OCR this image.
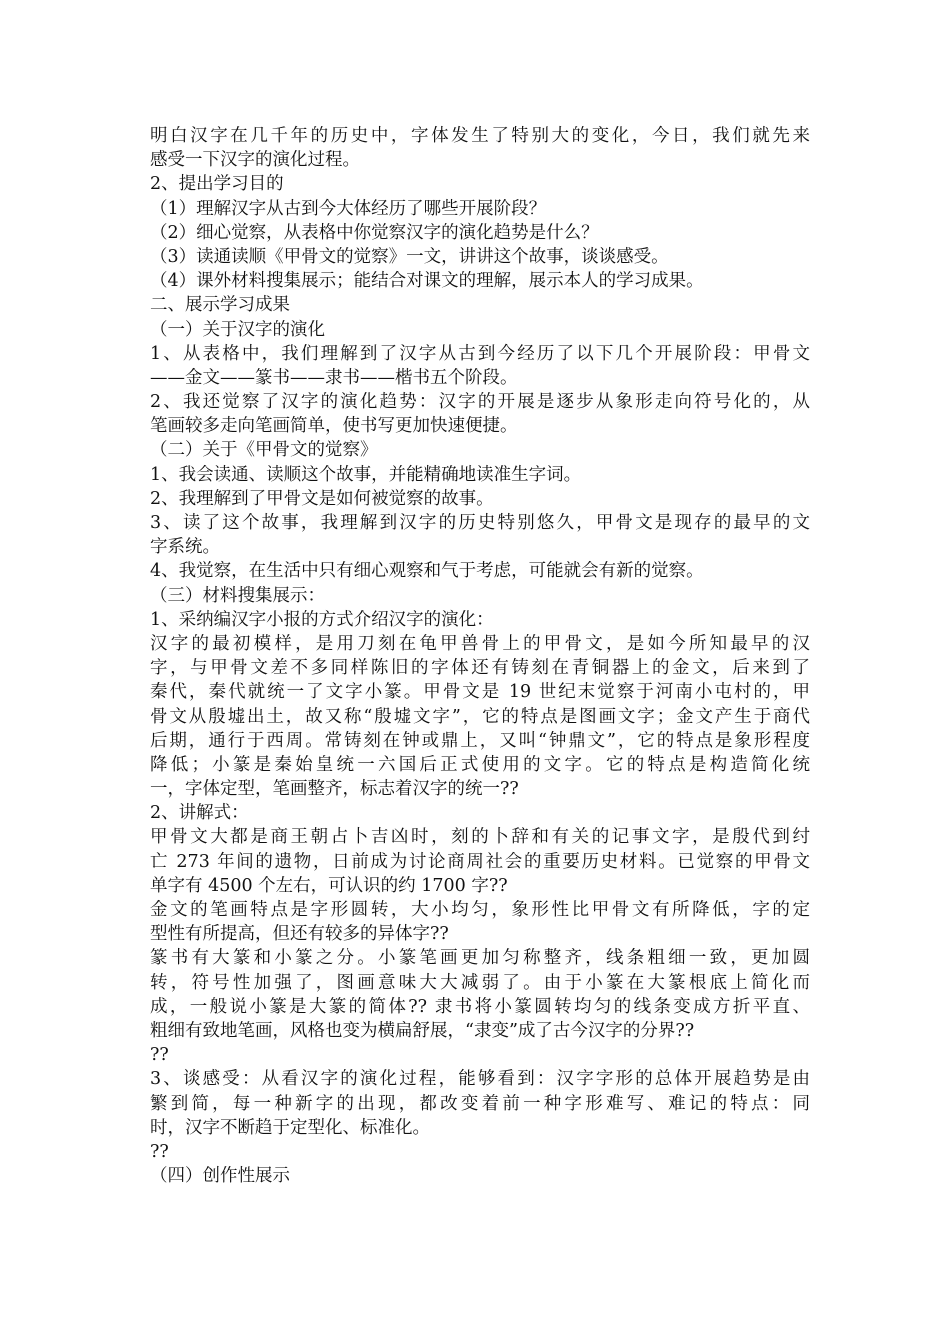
明白汉字在几千年的历史中，字体发生了特别大的变化，今日，我们就先来
感受一下汉字的演化过程。
2、提出学习目的
（1）理解汉字从古到今大体经历了哪些开展阶段？
（2）细心觉察，从表格中你觉察汉字的演化趋势是什么？
（3）读通读顺《甲骨文的觉察》一文，讲讲这个故事，谈谈感受。
（4）课外材料搜集展示；能结合对课文的理解，展示本人的学习成果。
二、展示学习成果
（一）关于汉字的演化
1、从表格中，我们理解到了汉字从古到今经历了以下几个开展阶段：甲骨文
——金文——篆书——隶书——楷书五个阶段。
2、我还觉察了汉字的演化趋势：汉字的开展是逐步从象形走向符号化的，从
笔画较多走向笔画简单，使书写更加快速便捷。
（二）关于《甲骨文的觉察》
1、我会读通、读顺这个故事，并能精确地读准生字词。
2、我理解到了甲骨文是如何被觉察的故事。
3、读了这个故事，我理解到汉字的历史特别悠久，甲骨文是现存的最早的文
字系统。
4、我觉察，在生活中只有细心观察和气于考虑，可能就会有新的觉察。
（三）材料搜集展示：
1、采纳编汉字小报的方式介绍汉字的演化：
汉字的最初模样，是用刀刻在龟甲兽骨上的甲骨文，是如今所知最早的汉
字，与甲骨文差不多同样陈旧的字体还有铸刻在青铜器上的金文，后来到了
秦代，秦代就统一了文字小篆。甲骨文是 19 世纪末觉察于河南小屯村的，甲
骨文从殷墟出土，故又称“殷墟文字”，它的特点是图画文字；金文产生于商代
后期，通行于西周。常铸刻在钟或鼎上，又叫“钟鼎文”，它的特点是象形程度
降低；小篆是秦始皇统一六国后正式使用的文字。它的特点是构造简化统
一，字体定型，笔画整齐，标志着汉字的统一??
2、讲解式：
甲骨文大都是商王朝占卜吉凶时，刻的卜辞和有关的记事文字，是殷代到纣
亡 273 年间的遗物，日前成为讨论商周社会的重要历史材料。已觉察的甲骨文
单字有 4500 个左右，可认识的约 1700 字??
金文的笔画特点是字形圆转，大小均匀，象形性比甲骨文有所降低，字的定
型性有所提高，但还有较多的异体字??
篆书有大篆和小篆之分。小篆笔画更加匀称整齐，线条粗细一致，更加圆
转，符号性加强了，图画意味大大减弱了。由于小篆在大篆根底上简化而
成，一般说小篆是大篆的简体?? 隶书将小篆圆转均匀的线条变成方折平直、
粗细有致地笔画，风格也变为横扁舒展，“隶变”成了古今汉字的分界??
??
3、谈感受：从看汉字的演化过程，能够看到：汉字字形的总体开展趋势是由
繁到简，每一种新字的出现，都改变着前一种字形难写、难记的特点：同
时，汉字不断趋于定型化、标准化。
??
（四）创作性展示
